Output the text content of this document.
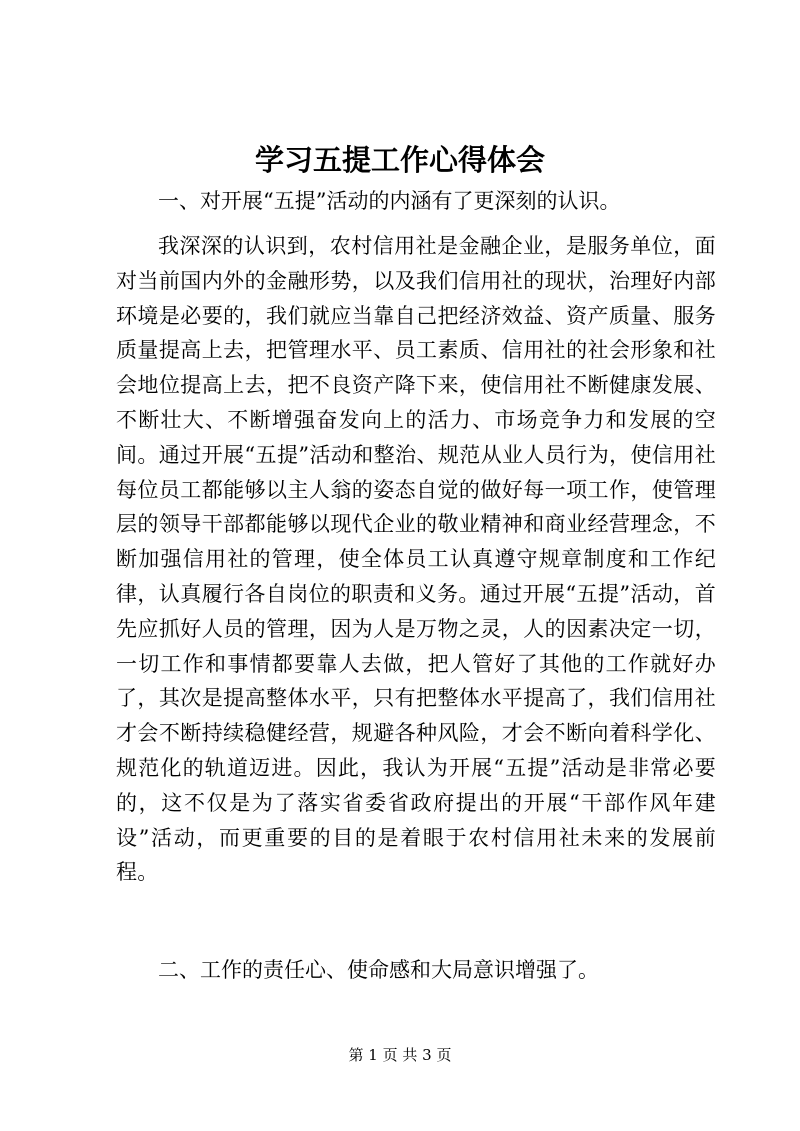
学习五提工作心得体会

一、对开展“五提”活动的内涵有了更深刻的认识。

我深深的认识到，农村信用社是金融企业，是服务单位，面对当前国内外的金融形势，以及我们信用社的现状，治理好内部环境是必要的，我们就应当靠自己把经济效益、资产质量、服务质量提高上去，把管理水平、员工素质、信用社的社会形象和社会地位提高上去，把不良资产降下来，使信用社不断健康发展、不断壮大、不断增强奋发向上的活力、市场竞争力和发展的空间。通过开展“五提”活动和整治、规范从业人员行为，使信用社每位员工都能够以主人翁的姿态自觉的做好每一项工作，使管理层的领导干部都能够以现代企业的敬业精神和商业经营理念，不断加强信用社的管理，使全体员工认真遵守规章制度和工作纪律，认真履行各自岗位的职责和义务。通过开展“五提”活动，首先应抓好人员的管理，因为人是万物之灵，人的因素决定一切，一切工作和事情都要靠人去做，把人管好了其他的工作就好办了，其次是提高整体水平，只有把整体水平提高了，我们信用社才会不断持续稳健经营，规避各种风险，才会不断向着科学化、规范化的轨道迈进。因此，我认为开展“五提”活动是非常必要的，这不仅是为了落实省委省政府提出的开展“干部作风年建设”活动，而更重要的目的是着眼于农村信用社未来的发展前程。

二、工作的责任心、使命感和大局意识增强了。

第 1 页 共 3 页
